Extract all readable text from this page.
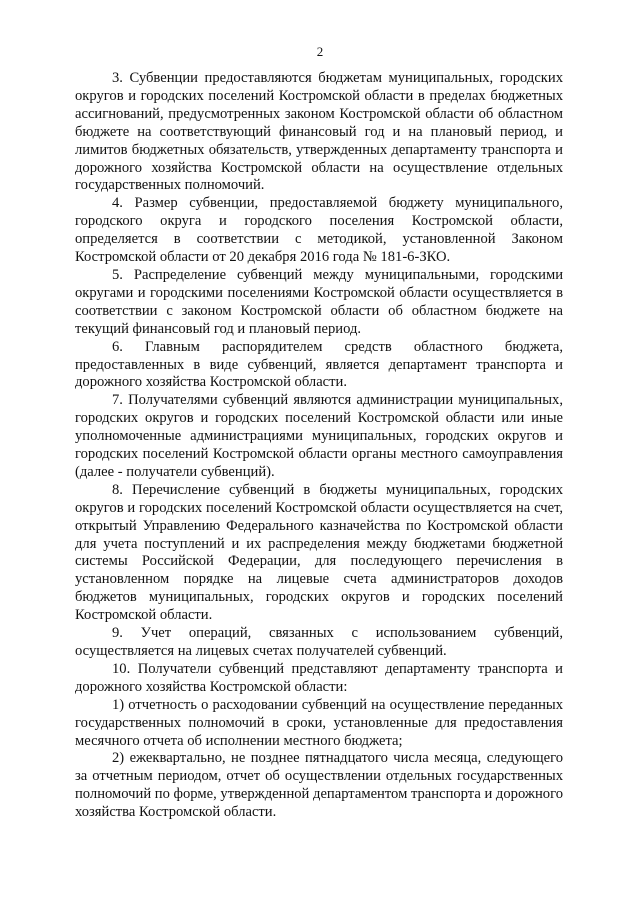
2

3. Субвенции предоставляются бюджетам муниципальных, городских округов и городских поселений Костромской области в пределах бюджетных ассигнований, предусмотренных законом Костромской области об областном бюджете на соответствующий финансовый год и на плановый период, и лимитов бюджетных обязательств, утвержденных департаменту транспорта и дорожного хозяйства Костромской области на осуществление отдельных государственных полномочий.

4. Размер субвенции, предоставляемой бюджету муниципального, городского округа и городского поселения Костромской области, определяется в соответствии с методикой, установленной Законом Костромской области от 20 декабря 2016 года № 181-6-ЗКО.

5. Распределение субвенций между муниципальными, городскими округами и городскими поселениями Костромской области осуществляется в соответствии с законом Костромской области об областном бюджете на текущий финансовый год и плановый период.

6. Главным распорядителем средств областного бюджета, предоставленных в виде субвенций, является департамент транспорта и дорожного хозяйства Костромской области.

7. Получателями субвенций являются администрации муниципальных, городских округов и городских поселений Костромской области или иные уполномоченные администрациями муниципальных, городских округов и городских поселений Костромской области органы местного самоуправления (далее - получатели субвенций).

8. Перечисление субвенций в бюджеты муниципальных, городских округов и городских поселений Костромской области осуществляется на счет, открытый Управлению Федерального казначейства по Костромской области для учета поступлений и их распределения между бюджетами бюджетной системы Российской Федерации, для последующего перечисления в установленном порядке на лицевые счета администраторов доходов бюджетов муниципальных, городских округов и городских поселений Костромской области.

9. Учет операций, связанных с использованием субвенций, осуществляется на лицевых счетах получателей субвенций.

10. Получатели субвенций представляют департаменту транспорта и дорожного хозяйства Костромской области:

1) отчетность о расходовании субвенций на осуществление переданных государственных полномочий в сроки, установленные для предоставления месячного отчета об исполнении местного бюджета;

2) ежеквартально, не позднее пятнадцатого числа месяца, следующего за отчетным периодом, отчет об осуществлении отдельных государственных полномочий по форме, утвержденной департаментом транспорта и дорожного хозяйства Костромской области.
